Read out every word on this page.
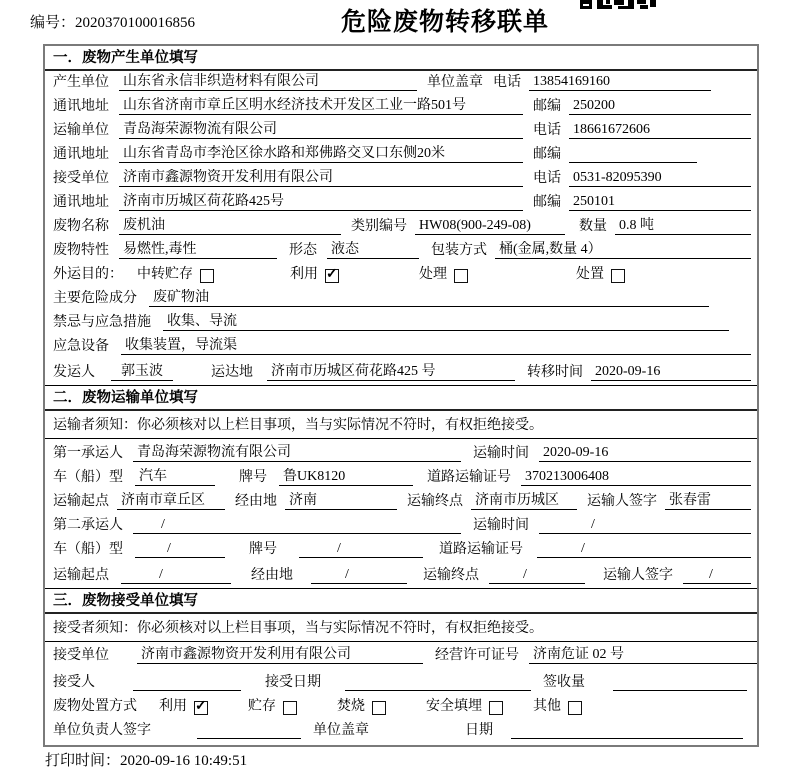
编号：2020370100016856	危险废物转移联单
一．废物产生单位填写
产生单位	山东省永信非织造材料有限公司	单位盖章 电话 13854169160
通讯地址	山东省济南市章丘区明水经济技术开发区工业一路501号	邮编 250200
运输单位	青岛海荣源物流有限公司	电话 18661672606
通讯地址	山东省青岛市李沧区徐水路和郑佛路交叉口东侧20米	邮编
接受单位	济南市鑫源物资开发利用有限公司	电话 0531-82095390
通讯地址	济南市历城区荷花路425号	邮编 250101
废物名称	废机油	类别编号 HW08(900-249-08)	数量 0.8 吨
废物特性	易燃性,毒性	形态 液态	包装方式 桶(金属,数量 4）
外运目的： 中转贮存	利用 ✓	处理	处置
主要危险成分 废矿物油
禁忌与应急措施 收集、导流
应急设备 收集装置，导流渠
发运人	郭玉波	运达地 济南市历城区荷花路425 号	转移时间 2020-09-16
二．废物运输单位填写
运输者须知：你必须核对以上栏目事项，当与实际情况不符时，有权拒绝接受。
第一承运人 青岛海荣源物流有限公司	运输时间 2020-09-16
车（船）型 汽车	牌号 鲁UK8120	道路运输证号 370213006408
运输起点 济南市章丘区	经由地 济南	运输终点 济南市历城区	运输人签字 张春雷
第二承运人	/	运输时间	/
车（船）型	/	牌号	/	道路运输证号	/
运输起点	/	经由地	/	运输终点	/	运输人签字	/
三．废物接受单位填写
接受者须知：你必须核对以上栏目事项，当与实际情况不符时，有权拒绝接受。
接受单位 济南市鑫源物资开发利用有限公司	经营许可证号 济南危证 02 号
接受人	接受日期	签收量
废物处置方式 利用 ✓	贮存	焚烧	安全填埋	其他
单位负责人签字	单位盖章	日期
打印时间：2020-09-16 10:49:51
